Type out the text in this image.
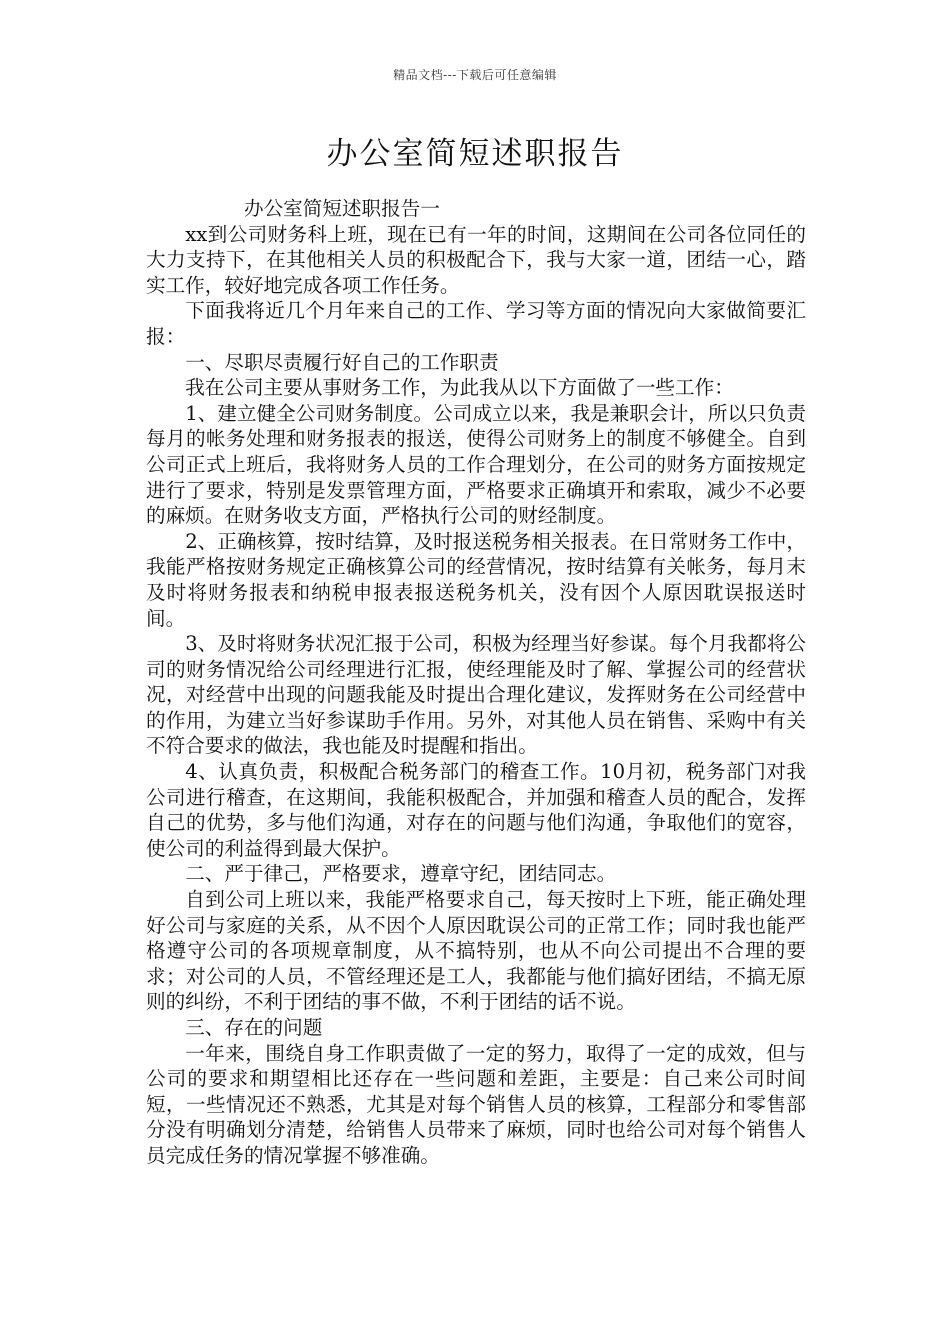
精品文档---下载后可任意编辑
办公室简短述职报告

办公室简短述职报告一

xx到公司财务科上班，现在已有一年的时间，这期间在公司各位同任的大力支持下，在其他相关人员的积极配合下，我与大家一道，团结一心，踏实工作，较好地完成各项工作任务。

下面我将近几个月年来自己的工作、学习等方面的情况向大家做简要汇报：

一、尽职尽责履行好自己的工作职责

我在公司主要从事财务工作，为此我从以下方面做了一些工作：

1、建立健全公司财务制度。公司成立以来，我是兼职会计，所以只负责每月的帐务处理和财务报表的报送，使得公司财务上的制度不够健全。自到公司正式上班后，我将财务人员的工作合理划分，在公司的财务方面按规定进行了要求，特别是发票管理方面，严格要求正确填开和索取，减少不必要的麻烦。在财务收支方面，严格执行公司的财经制度。

2、正确核算，按时结算，及时报送税务相关报表。在日常财务工作中，我能严格按财务规定正确核算公司的经营情况，按时结算有关帐务，每月末及时将财务报表和纳税申报表报送税务机关，没有因个人原因耽误报送时间。

3、及时将财务状况汇报于公司，积极为经理当好参谋。每个月我都将公司的财务情况给公司经理进行汇报，使经理能及时了解、掌握公司的经营状况，对经营中出现的问题我能及时提出合理化建议，发挥财务在公司经营中的作用，为建立当好参谋助手作用。另外，对其他人员在销售、采购中有关不符合要求的做法，我也能及时提醒和指出。

4、认真负责，积极配合税务部门的稽查工作。10月初，税务部门对我公司进行稽查，在这期间，我能积极配合，并加强和稽查人员的配合，发挥自己的优势，多与他们沟通，对存在的问题与他们沟通，争取他们的宽容，使公司的利益得到最大保护。

二、严于律己，严格要求，遵章守纪，团结同志。

自到公司上班以来，我能严格要求自己，每天按时上下班，能正确处理好公司与家庭的关系，从不因个人原因耽误公司的正常工作；同时我也能严格遵守公司的各项规章制度，从不搞特别，也从不向公司提出不合理的要求；对公司的人员，不管经理还是工人，我都能与他们搞好团结，不搞无原则的纠纷，不利于团结的事不做，不利于团结的话不说。

三、存在的问题

一年来，围绕自身工作职责做了一定的努力，取得了一定的成效，但与公司的要求和期望相比还存在一些问题和差距，主要是：自己来公司时间短，一些情况还不熟悉，尤其是对每个销售人员的核算，工程部分和零售部分没有明确划分清楚，给销售人员带来了麻烦，同时也给公司对每个销售人员完成任务的情况掌握不够准确。
